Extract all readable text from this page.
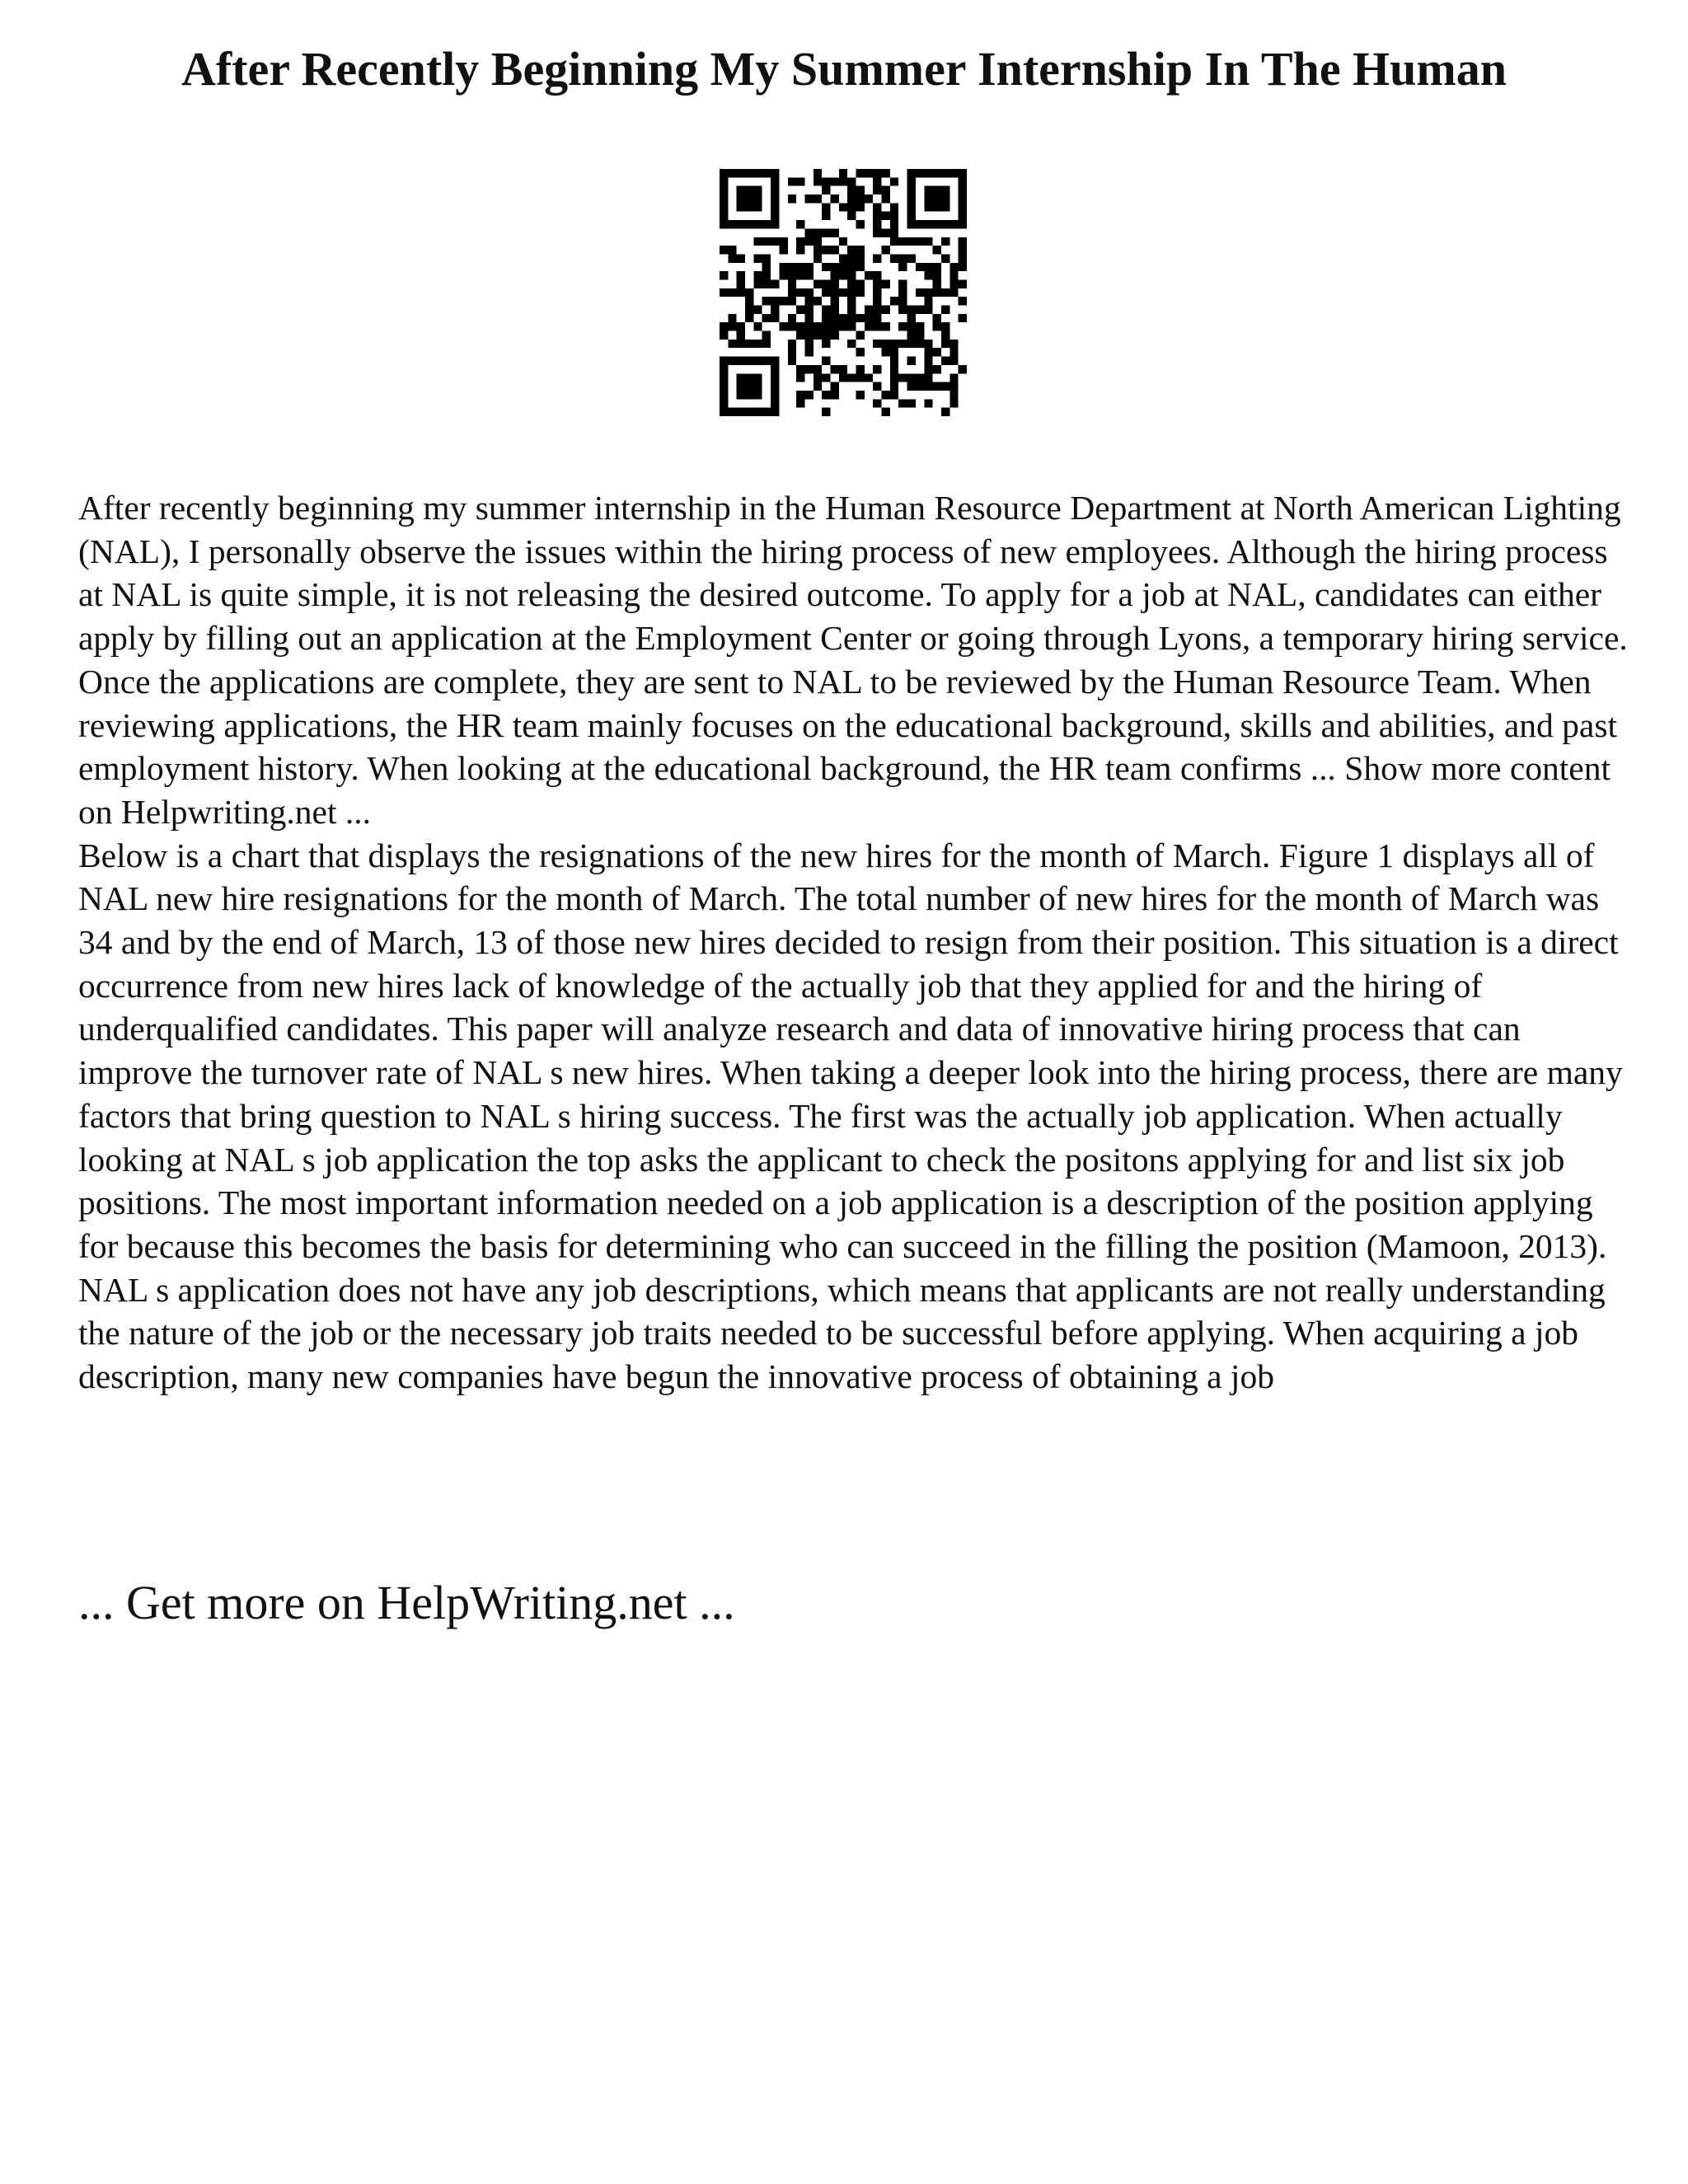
After Recently Beginning My Summer Internship In The Human

After recently beginning my summer internship in the Human Resource Department at North American Lighting (NAL), I personally observe the issues within the hiring process of new employees. Although the hiring process at NAL is quite simple, it is not releasing the desired outcome. To apply for a job at NAL, candidates can either apply by filling out an application at the Employment Center or going through Lyons, a temporary hiring service. Once the applications are complete, they are sent to NAL to be reviewed by the Human Resource Team. When reviewing applications, the HR team mainly focuses on the educational background, skills and abilities, and past employment history. When looking at the educational background, the HR team confirms ... Show more content on Helpwriting.net ...

Below is a chart that displays the resignations of the new hires for the month of March. Figure 1 displays all of NAL new hire resignations for the month of March. The total number of new hires for the month of March was 34 and by the end of March, 13 of those new hires decided to resign from their position. This situation is a direct occurrence from new hires lack of knowledge of the actually job that they applied for and the hiring of underqualified candidates. This paper will analyze research and data of innovative hiring process that can improve the turnover rate of NAL s new hires. When taking a deeper look into the hiring process, there are many factors that bring question to NAL s hiring success. The first was the actually job application. When actually looking at NAL s job application the top asks the applicant to check the positons applying for and list six job positions. The most important information needed on a job application is a description of the position applying for because this becomes the basis for determining who can succeed in the filling the position (Mamoon, 2013). NAL s application does not have any job descriptions, which means that applicants are not really understanding the nature of the job or the necessary job traits needed to be successful before applying. When acquiring a job description, many new companies have begun the innovative process of obtaining a job

... Get more on HelpWriting.net ...
